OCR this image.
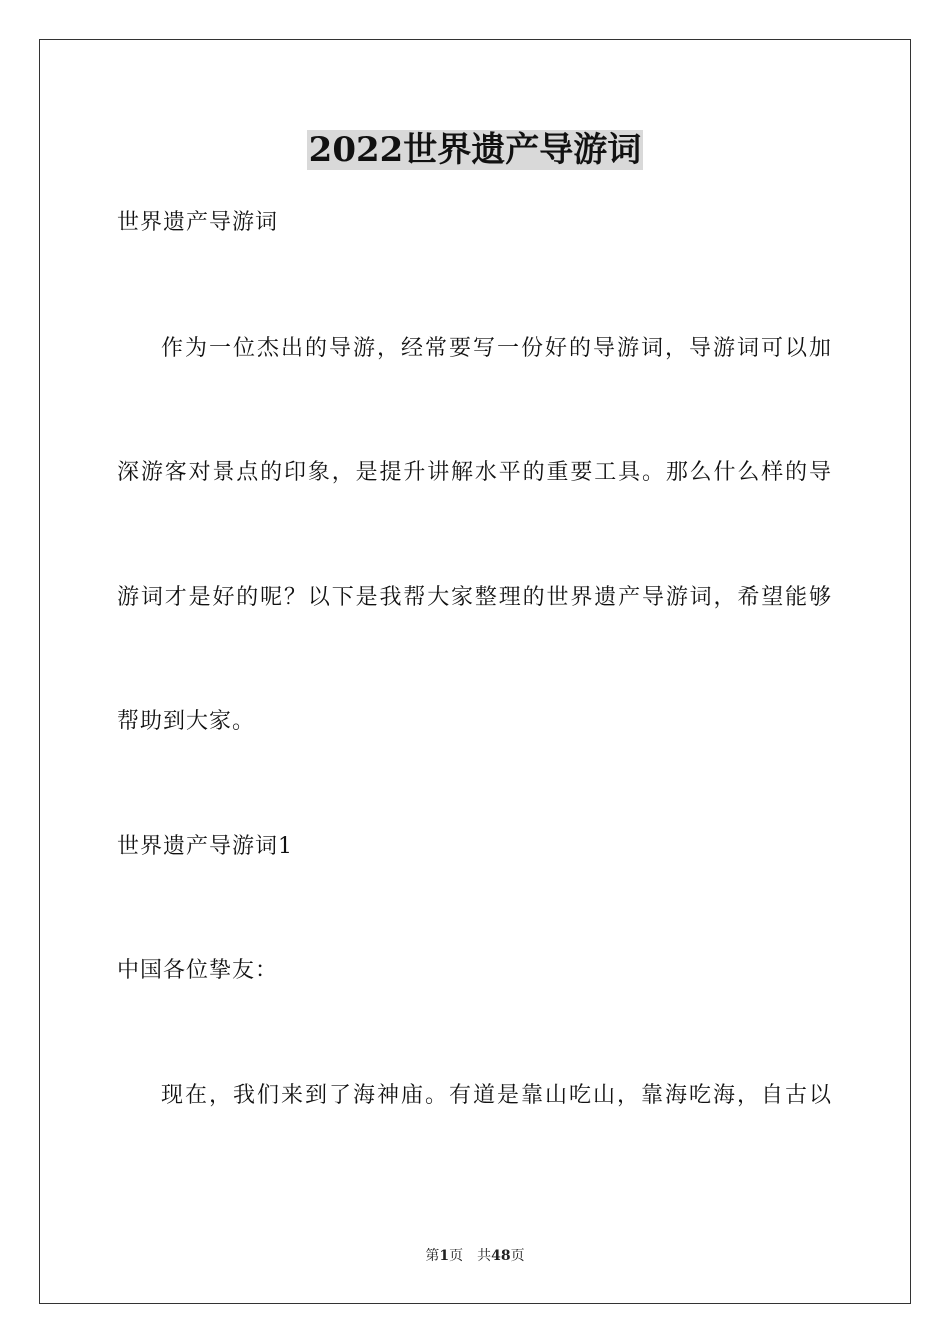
2022世界遗产导游词
世界遗产导游词
作为一位杰出的导游，经常要写一份好的导游词，导游词可以加
深游客对景点的印象，是提升讲解水平的重要工具。那么什么样的导
游词才是好的呢？以下是我帮大家整理的世界遗产导游词，希望能够
帮助到大家。
世界遗产导游词1
中国各位挚友：
现在，我们来到了海神庙。有道是靠山吃山，靠海吃海，自古以
第1页 共48页
